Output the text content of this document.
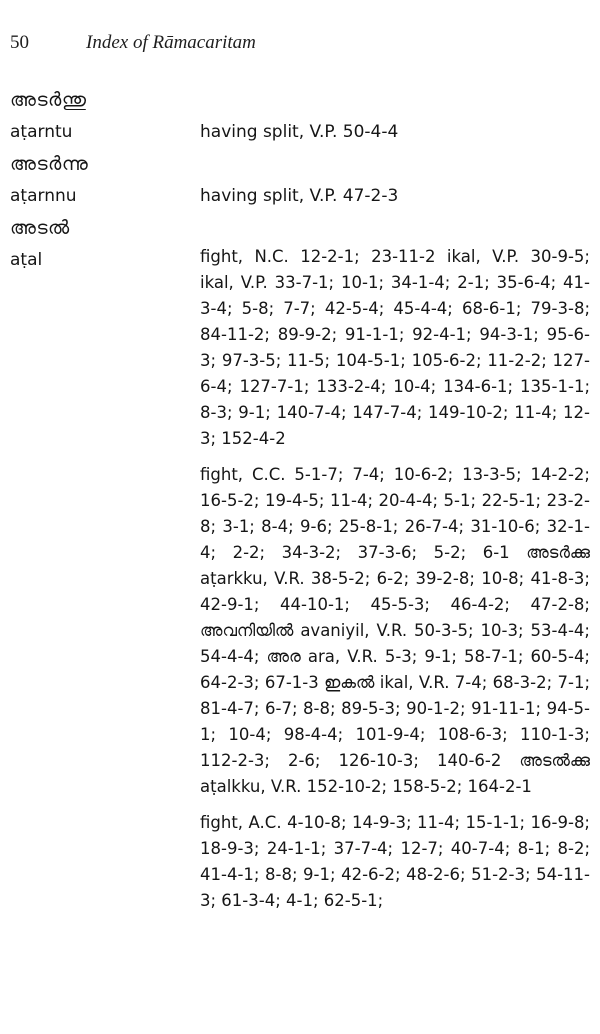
50	Index of Rāmacaritam
അടർന്തു
aṭarntu	having split, V.P. 50-4-4
അടർന്നു
aṭarnnu	having split, V.P. 47-2-3
അടൽ
aṭal	fight, N.C. 12-2-1; 23-11-2 ikal, V.P. 30-9-5; ikal, V.P. 33-7-1; 10-1; 34-1-4; 2-1; 35-6-4; 41-3-4; 5-8; 7-7; 42-5-4; 45-4-4; 68-6-1; 79-3-8; 84-11-2; 89-9-2; 91-1-1; 92-4-1; 94-3-1; 95-6-3; 97-3-5; 11-5; 104-5-1; 105-6-2; 11-2-2; 127-6-4; 127-7-1; 133-2-4; 10-4; 134-6-1; 135-1-1; 8-3; 9-1; 140-7-4; 147-7-4; 149-10-2; 11-4; 12-3; 152-4-2
fight, C.C. 5-1-7; 7-4; 10-6-2; 13-3-5; 14-2-2; 16-5-2; 19-4-5; 11-4; 20-4-4; 5-1; 22-5-1; 23-2-8; 3-1; 8-4; 9-6; 25-8-1; 26-7-4; 31-10-6; 32-1-4; 2-2; 34-3-2; 37-3-6; 5-2; 6-1 അടർക്കു aṭarkku, V.R. 38-5-2; 6-2; 39-2-8; 10-8; 41-8-3; 42-9-1; 44-10-1; 45-5-3; 46-4-2; 47-2-8; അവനിയിൽ avaniyil, V.R. 50-3-5; 10-3; 53-4-4; 54-4-4; അര ara, V.R. 5-3; 9-1; 58-7-1; 60-5-4; 64-2-3; 67-1-3 ഇകൽ ikal, V.R. 7-4; 68-3-2; 7-1; 81-4-7; 6-7; 8-8; 89-5-3; 90-1-2; 91-11-1; 94-5-1; 10-4; 98-4-4; 101-9-4; 108-6-3; 110-1-3; 112-2-3; 2-6; 126-10-3; 140-6-2 അടൽക്കു aṭalkku, V.R. 152-10-2; 158-5-2; 164-2-1
fight, A.C. 4-10-8; 14-9-3; 11-4; 15-1-1; 16-9-8; 18-9-3; 24-1-1; 37-7-4; 12-7; 40-7-4; 8-1; 8-2; 41-4-1; 8-8; 9-1; 42-6-2; 48-2-6; 51-2-3; 54-11-3; 61-3-4; 4-1; 62-5-1;
